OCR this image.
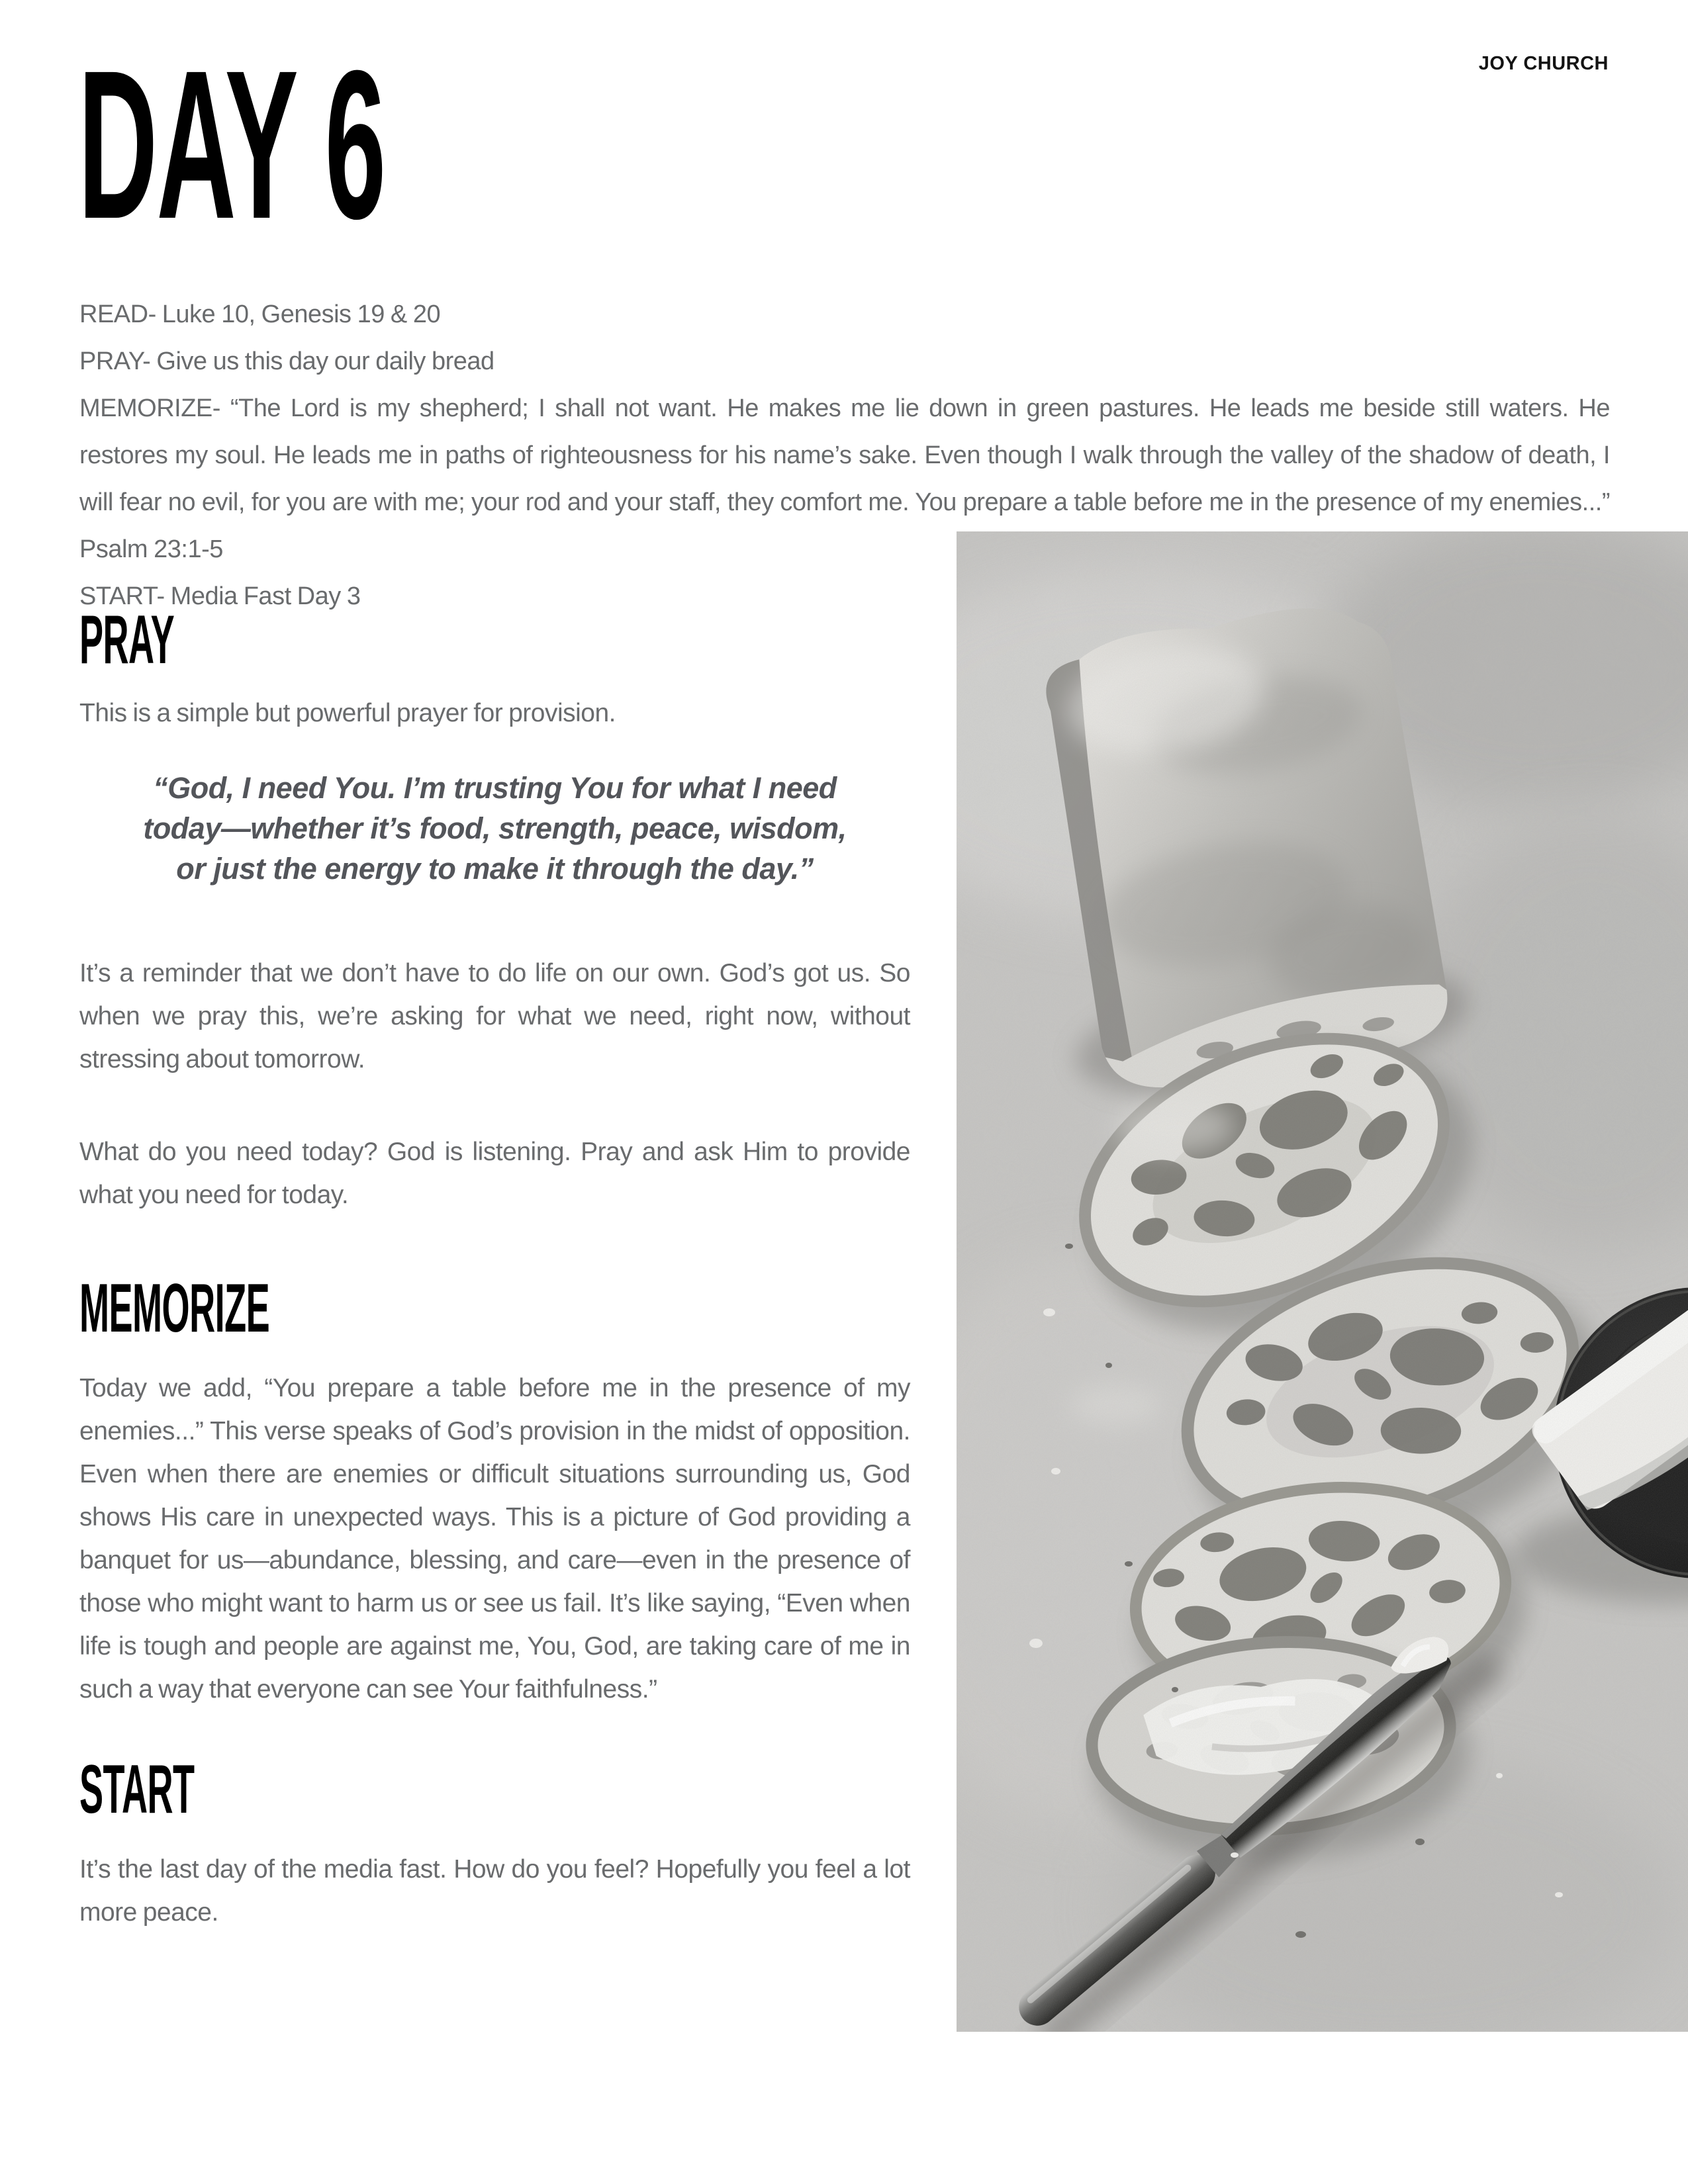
JOY CHURCH
DAY 6

READ- Luke 10, Genesis 19 & 20

PRAY- Give us this day our daily bread

MEMORIZE- “The Lord is my shepherd; I shall not want. He makes me lie down in green pastures. He leads me beside still waters. He restores my soul. He leads me in paths of righteousness for his name’s sake. Even though I walk through the valley of the shadow of death, I will fear no evil, for you are with me; your rod and your staff, they comfort me. You prepare a table before me in the presence of my enemies...” Psalm 23:1-5

START- Media Fast Day 3

PRAY

This is a simple but powerful prayer for provision.

“God, I need You. I’m trusting You for what I need
today—whether it’s food, strength, peace, wisdom,
or just the energy to make it through the day.”

It’s a reminder that we don’t have to do life on our own. God’s got us. So when we pray this, we’re asking for what we need, right now, without stressing about tomorrow.

What do you need today? God is listening. Pray and ask Him to provide what you need for today.

MEMORIZE

Today we add, “You prepare a table before me in the presence of my enemies...” This verse speaks of God’s provision in the midst of opposition. Even when there are enemies or difficult situations surrounding us, God shows His care in unexpected ways. This is a picture of God providing a banquet for us—abundance, blessing, and care—even in the presence of those who might want to harm us or see us fail. It’s like saying, “Even when life is tough and people are against me, You, God, are taking care of me in such a way that everyone can see Your faithfulness.”

START

It’s the last day of the media fast. How do you feel? Hopefully you feel a lot more peace.
